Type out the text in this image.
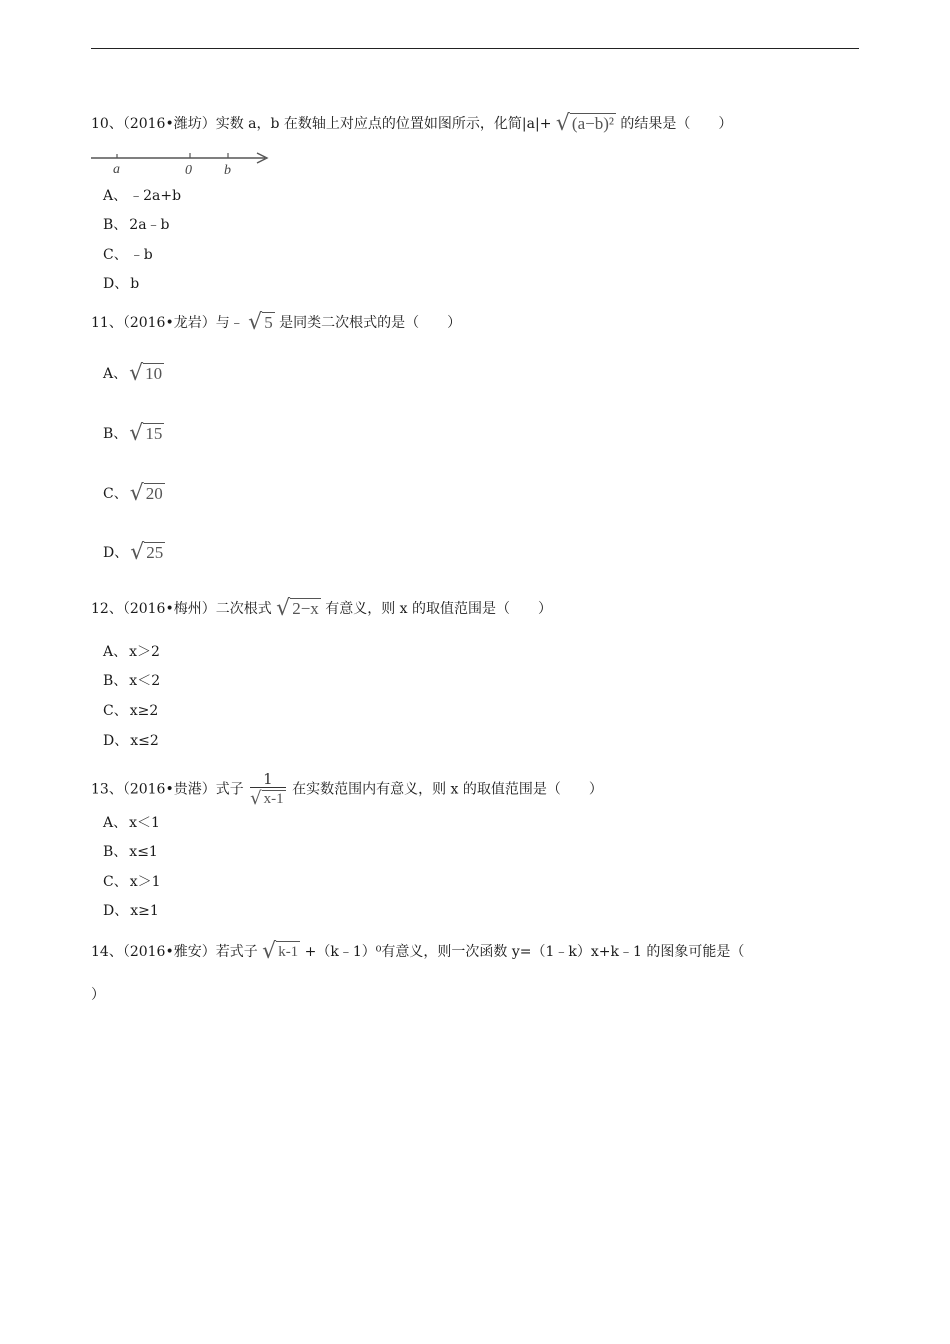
10、（2016•潍坊）实数 a，b 在数轴上对应点的位置如图所示，化简|a|+ √ (a−b)² 的结果是（　　）
a	0 b
A、 ﹣2a+b
B、 2a﹣b
C、 ﹣b
D、 b
11、（2016•龙岩）与﹣ √ 5 是同类二次根式的是（　　）
A、 √ 10
B、 √ 15
C、 √ 20
D、 √ 25
12、（2016•梅州）二次根式 √ 2−x 有意义，则 x 的取值范围是（　　）
A、 x＞2
B、 x＜2
C、 x≥2
D、 x≤2
13、（2016•贵港）式子 $\frac{1}{√ x-1}$ 在实数范围内有意义，则 x 的取值范围是（　　）
A、 x＜1
B、 x≤1
C、 x＞1
D、 x≥1
14、（2016•雅安）若式子 √ k-1 +（k﹣1）⁰有意义，则一次函数 y=（1﹣k）x+k﹣1 的图象可能是（
）
